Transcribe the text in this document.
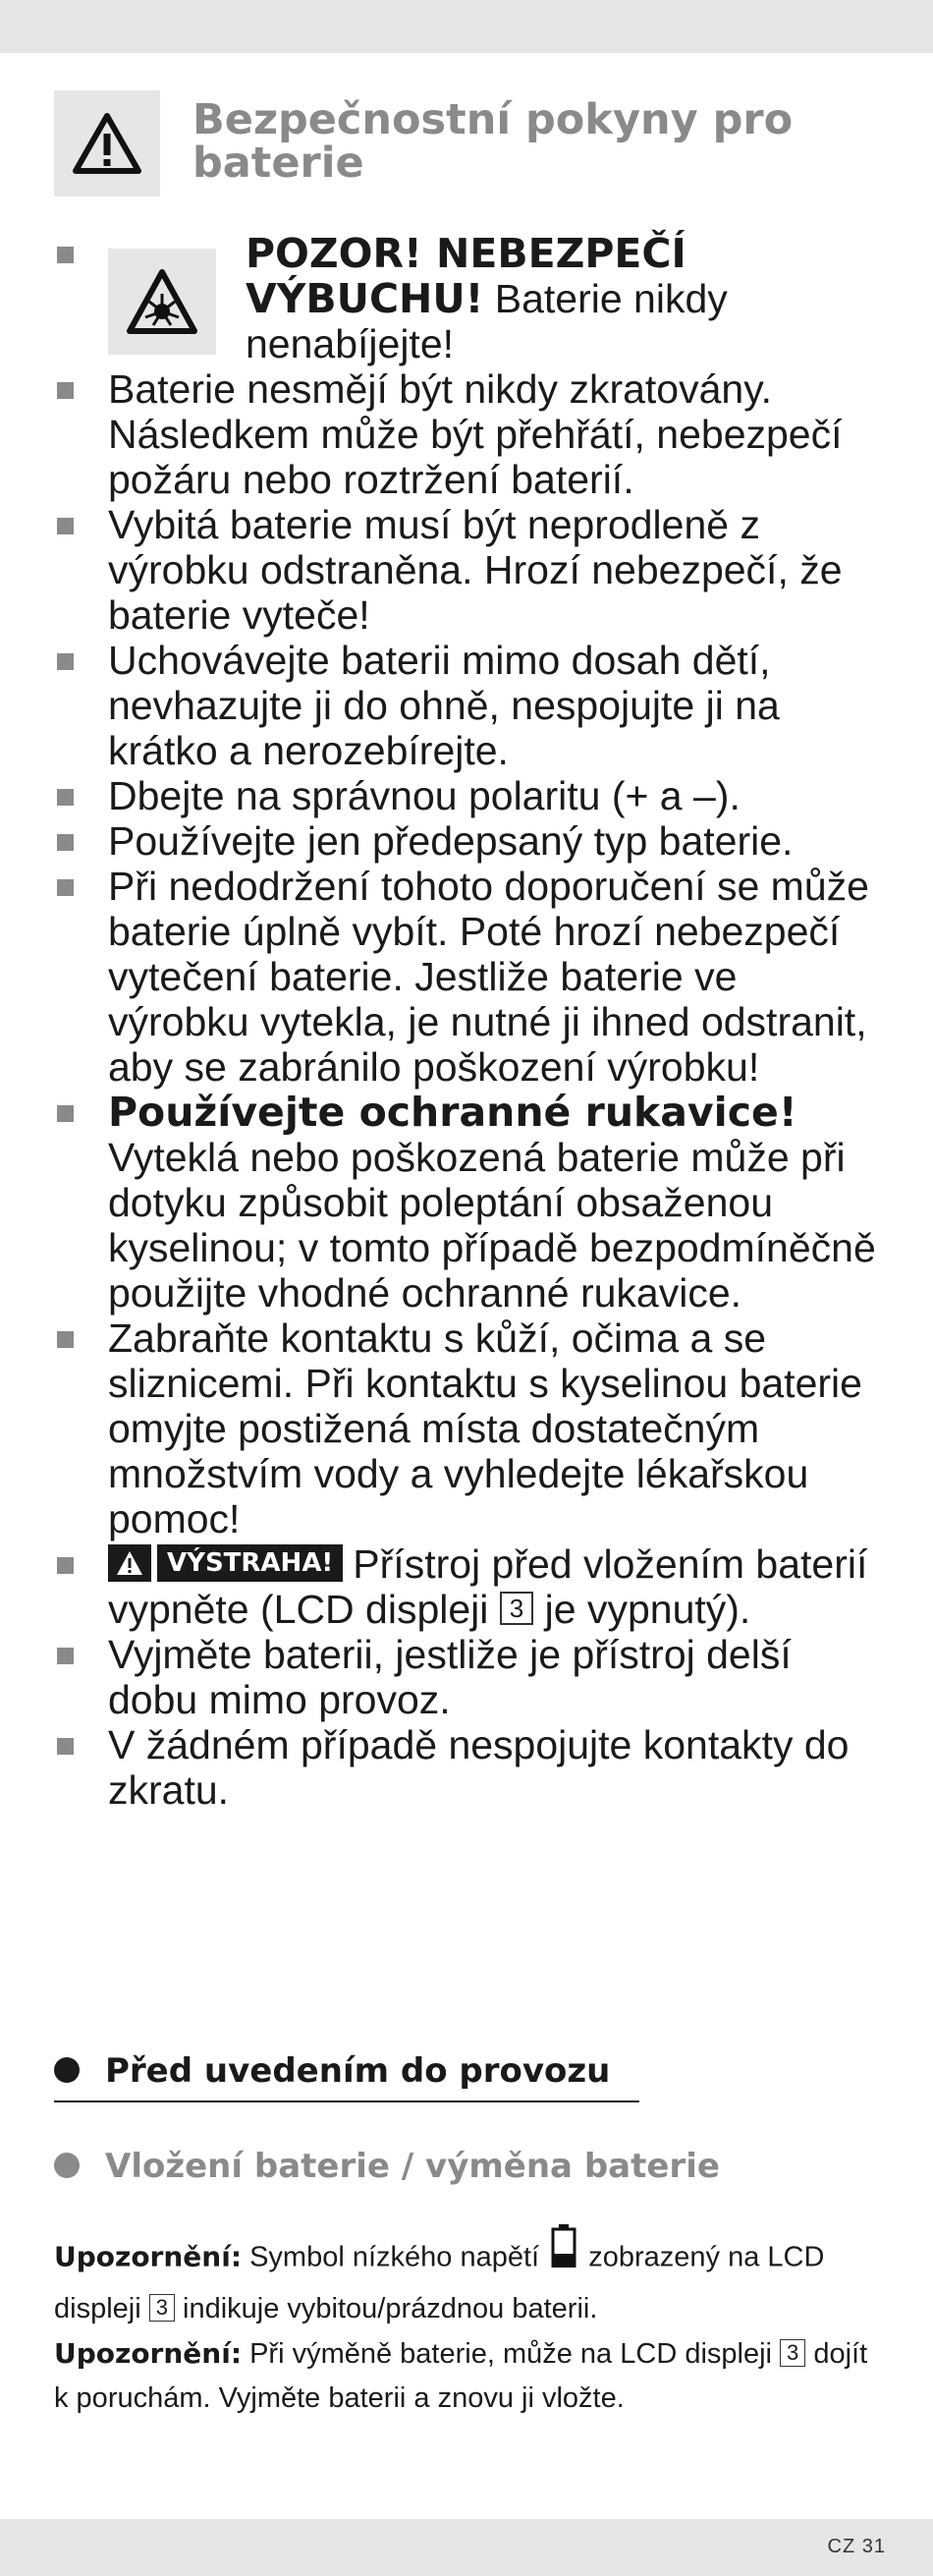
Bezpečnostní pokyny pro baterie
POZOR! NEBEZPEČÍ VÝBUCHU! Baterie nikdy nenabíjejte!
Baterie nesmějí být nikdy zkratovány. Následkem může být přehřátí, nebezpečí požáru nebo roztržení baterií.
Vybitá baterie musí být neprodleně z výrobku odstraněna. Hrozí nebezpečí, že baterie vyteče!
Uchovávejte baterii mimo dosah dětí, nevhazujte ji do ohně, nespojujte ji na krátko a nerozebírejte.
Dbejte na správnou polaritu (+ a –).
Používejte jen předepsaný typ baterie.
Při nedodržení tohoto doporučení se může baterie úplně vybít. Poté hrozí nebezpečí vytečení baterie. Jestliže baterie ve výrobku vytekla, je nutné ji ihned odstranit, aby se zabránilo poškození výrobku!
Používejte ochranné rukavice!
Vyteklá nebo poškozená baterie může při dotyku způsobit poleptání obsaženou kyselinou; v tomto případě bezpodmíněčně použijte vhodné ochranné rukavice.
Zabraňte kontaktu s kůží, očima a se sliznicemi. Při kontaktu s kyselinou baterie omyjte postižená místa dostatečným množstvím vody a vyhledejte lékařskou pomoc!
VÝSTRAHA! Přístroj před vložením baterií vypněte (LCD displeji 3 je vypnutý).
Vyjměte baterii, jestliže je přístroj delší dobu mimo provoz.
V žádném případě nespojujte kontakty do zkratu.
Před uvedením do provozu
Vložení baterie / výměna baterie
Upozornění: Symbol nízkého napětí  zobrazený na LCD displeji 3 indikuje vybitou/prázdnou baterii.
Upozornění: Při výměně baterie, může na LCD displeji 3 dojít k poruchám. Vyjměte baterii a znovu ji vložte.
CZ 31
